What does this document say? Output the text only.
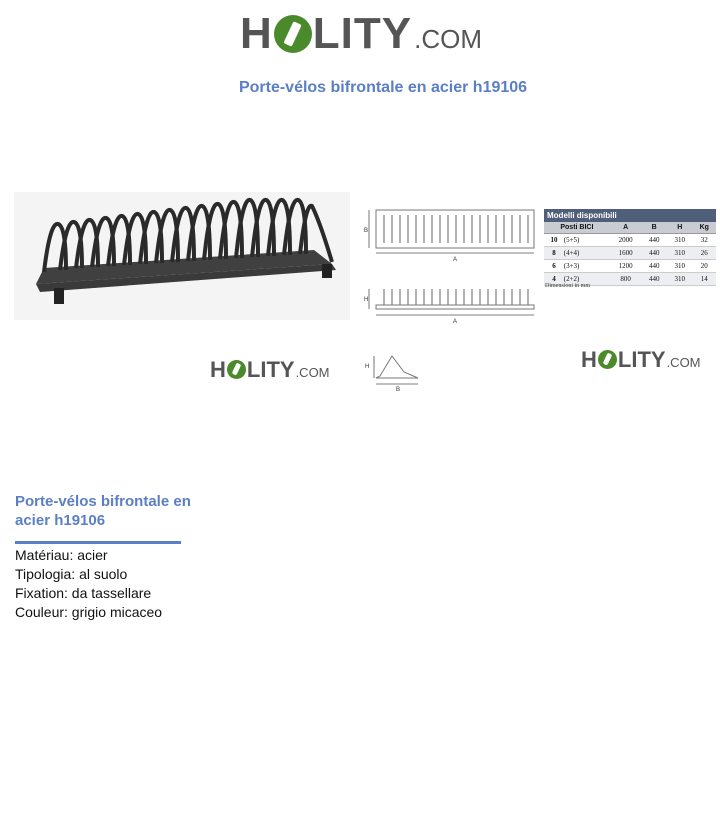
H LITY .COM
Porte-vélos bifrontale en acier h19106
B
A
H
A
H
B
Modelli disponibili
Posti BICI	A	B	H	Kg
10 (5+5)	2000	440	310	32
8 (4+4)	1600	440	310	26
6 (3+3)	1200	440	310	20
4 (2+2)	800	440	310	14
Dimensioni in mm
H LITY .COM
H LITY .COM
Porte-vélos bifrontale en acier h19106
Matériau: acier
Tipologia: al suolo
Fixation: da tassellare
Couleur: grigio micaceo
